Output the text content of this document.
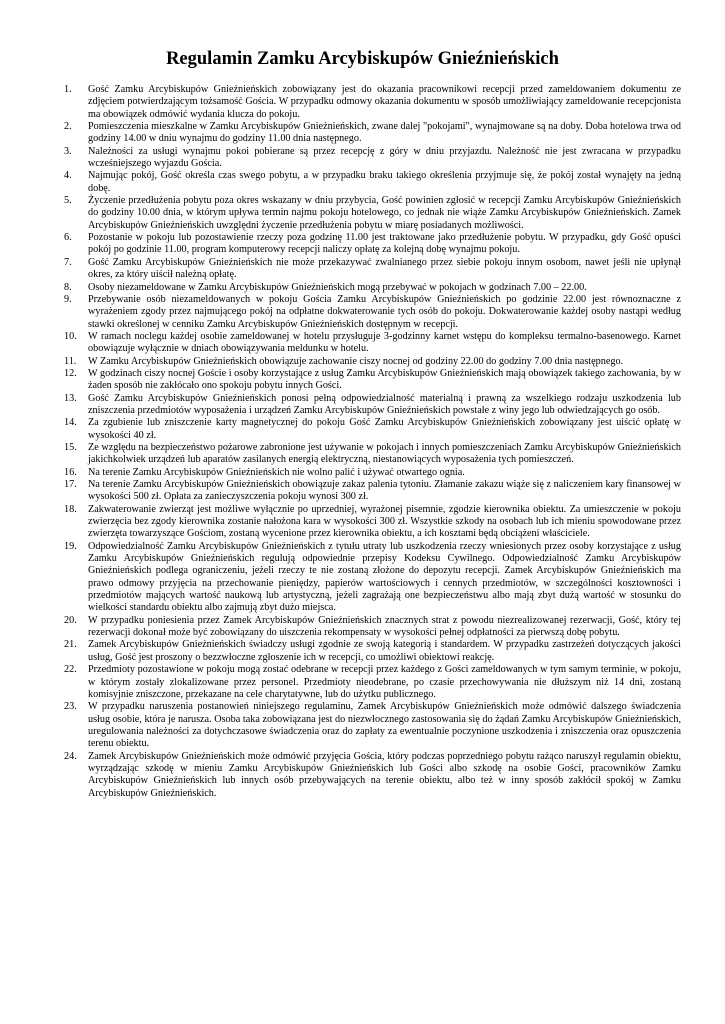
Regulamin Zamku Arcybiskupów Gnieźnieńskich
1.	Gość Zamku Arcybiskupów Gnieźnieńskich zobowiązany jest do okazania pracownikowi recepcji przed zameldowaniem dokumentu ze zdjęciem potwierdzającym tożsamość Gościa. W przypadku odmowy okazania dokumentu w sposób umożliwiający zameldowanie recepcjonista ma obowiązek odmówić wydania klucza do pokoju.
2.	Pomieszczenia mieszkalne w Zamku Arcybiskupów Gnieźnieńskich, zwane dalej "pokojami", wynajmowane są na doby. Doba hotelowa trwa od godziny 14.00 w dniu wynajmu do godziny 11.00 dnia następnego.
3.	Należności za usługi wynajmu pokoi pobierane są przez recepcję z góry w dniu przyjazdu. Należność nie jest zwracana w przypadku wcześniejszego wyjazdu Gościa.
4.	Najmując pokój, Gość określa czas swego pobytu, a w przypadku braku takiego określenia przyjmuje się, że pokój został wynajęty na jedną dobę.
5.	Życzenie przedłużenia pobytu poza okres wskazany w dniu przybycia, Gość powinien zgłosić w recepcji Zamku Arcybiskupów Gnieźnieńskich do godziny 10.00 dnia, w którym upływa termin najmu pokoju hotelowego, co jednak nie wiąże Zamku Arcybiskupów Gnieźnieńskich. Zamek Arcybiskupów Gnieźnieńskich uwzględni życzenie przedłużenia pobytu w miarę posiadanych możliwości.
6.	Pozostanie w pokoju lub pozostawienie rzeczy poza godzinę 11.00 jest traktowane jako przedłużenie pobytu. W przypadku, gdy Gość opuści pokój po godzinie 11.00, program komputerowy recepcji naliczy opłatę za kolejną dobę wynajmu pokoju.
7.	Gość Zamku Arcybiskupów Gnieźnieńskich nie może przekazywać zwalnianego przez siebie pokoju innym osobom, nawet jeśli nie upłynął okres, za który uiścił należną opłatę.
8.	Osoby niezameldowane w Zamku Arcybiskupów Gnieźnieńskich mogą przebywać w pokojach w godzinach 7.00 – 22.00.
9.	Przebywanie osób niezameldowanych w pokoju Gościa Zamku Arcybiskupów Gnieźnieńskich po godzinie 22.00 jest równoznaczne z wyrażeniem zgody przez najmującego pokój na odpłatne dokwaterowanie tych osób do pokoju. Dokwaterowanie każdej osoby nastąpi według stawki określonej w cenniku Zamku Arcybiskupów Gnieźnieńskich dostępnym w recepcji.
10.	W ramach noclegu każdej osobie zameldowanej w hotelu przysługuje 3-godzinny karnet wstępu do kompleksu termalno-basenowego. Karnet obowiązuje wyłącznie w dniach obowiązywania meldunku w hotelu.
11.	W Zamku Arcybiskupów Gnieźnieńskich obowiązuje zachowanie ciszy nocnej od godziny 22.00 do godziny 7.00 dnia następnego.
12.	W godzinach ciszy nocnej Goście i osoby korzystające z usług Zamku Arcybiskupów Gnieźnieńskich mają obowiązek takiego zachowania, by w żaden sposób nie zakłócało ono spokoju pobytu innych Gości.
13.	Gość Zamku Arcybiskupów Gnieźnieńskich ponosi pełną odpowiedzialność materialną i prawną za wszelkiego rodzaju uszkodzenia lub zniszczenia przedmiotów wyposażenia i urządzeń Zamku Arcybiskupów Gnieźnieńskich powstałe z winy jego lub odwiedzających go osób.
14.	Za zgubienie lub zniszczenie karty magnetycznej do pokoju Gość Zamku Arcybiskupów Gnieźnieńskich zobowiązany jest uiścić opłatę w wysokości 40 zł.
15.	Ze względu na bezpieczeństwo pożarowe zabronione jest używanie w pokojach i innych pomieszczeniach Zamku Arcybiskupów Gnieźnieńskich jakichkolwiek urządzeń lub aparatów zasilanych energią elektryczną, niestanowiących wyposażenia tych pomieszczeń.
16.	Na terenie Zamku Arcybiskupów Gnieźnieńskich nie wolno palić i używać otwartego ognia.
17.	Na terenie Zamku Arcybiskupów Gnieźnieńskich obowiązuje zakaz palenia tytoniu. Złamanie zakazu wiąże się z naliczeniem kary finansowej w wysokości 500 zł. Opłata za zanieczyszczenia pokoju wynosi 300 zł.
18.	Zakwaterowanie zwierząt jest możliwe wyłącznie po uprzedniej, wyrażonej pisemnie, zgodzie kierownika obiektu. Za umieszczenie w pokoju zwierzęcia bez zgody kierownika zostanie nałożona kara w wysokości 300 zł. Wszystkie szkody na osobach lub ich mieniu spowodowane przez zwierzęta towarzyszące Gościom, zostaną wycenione przez kierownika obiektu, a ich kosztami będą obciążeni właściciele.
19.	Odpowiedzialność Zamku Arcybiskupów Gnieźnieńskich z tytułu utraty lub uszkodzenia rzeczy wniesionych przez osoby korzystające z usług Zamku Arcybiskupów Gnieźnieńskich regulują odpowiednie przepisy Kodeksu Cywilnego. Odpowiedzialność Zamku Arcybiskupów Gnieźnieńskich podlega ograniczeniu, jeżeli rzeczy te nie zostaną złożone do depozytu recepcji. Zamek Arcybiskupów Gnieźnieńskich ma prawo odmowy przyjęcia na przechowanie pieniędzy, papierów wartościowych i cennych przedmiotów, w szczególności kosztowności i przedmiotów mających wartość naukową lub artystyczną, jeżeli zagrażają one bezpieczeństwu albo mają zbyt dużą wartość w stosunku do wielkości standardu obiektu albo zajmują zbyt dużo miejsca.
20.	W przypadku poniesienia przez Zamek Arcybiskupów Gnieźnieńskich znacznych strat z powodu niezrealizowanej rezerwacji, Gość, który tej rezerwacji dokonał może być zobowiązany do uiszczenia rekompensaty w wysokości pełnej odpłatności za pierwszą dobę pobytu.
21.	Zamek Arcybiskupów Gnieźnieńskich świadczy usługi zgodnie ze swoją kategorią i standardem. W przypadku zastrzeżeń dotyczących jakości usług, Gość jest proszony o bezzwłoczne zgłoszenie ich w recepcji, co umożliwi obiektowi reakcję.
22.	Przedmioty pozostawione w pokoju mogą zostać odebrane w recepcji przez każdego z Gości zameldowanych w tym samym terminie, w pokoju, w którym zostały zlokalizowane przez personel. Przedmioty nieodebrane, po czasie przechowywania nie dłuższym niż 14 dni, zostaną komisyjnie zniszczone, przekazane na cele charytatywne, lub do użytku publicznego.
23.	W przypadku naruszenia postanowień niniejszego regulaminu, Zamek Arcybiskupów Gnieźnieńskich może odmówić dalszego świadczenia usług osobie, która je narusza. Osoba taka zobowiązana jest do niezwłocznego zastosowania się do żądań Zamku Arcybiskupów Gnieźnieńskich, uregulowania należności za dotychczasowe świadczenia oraz do zapłaty za ewentualnie poczynione uszkodzenia i zniszczenia oraz opuszczenia terenu obiektu.
24.	Zamek Arcybiskupów Gnieźnieńskich może odmówić przyjęcia Gościa, który podczas poprzedniego pobytu rażąco naruszył regulamin obiektu, wyrządzając szkodę w mieniu Zamku Arcybiskupów Gnieźnieńskich lub Gości albo szkodę na osobie Gości, pracowników Zamku Arcybiskupów Gnieźnieńskich lub innych osób przebywających na terenie obiektu, albo też w inny sposób zakłócił spokój w Zamku Arcybiskupów Gnieźnieńskich.
